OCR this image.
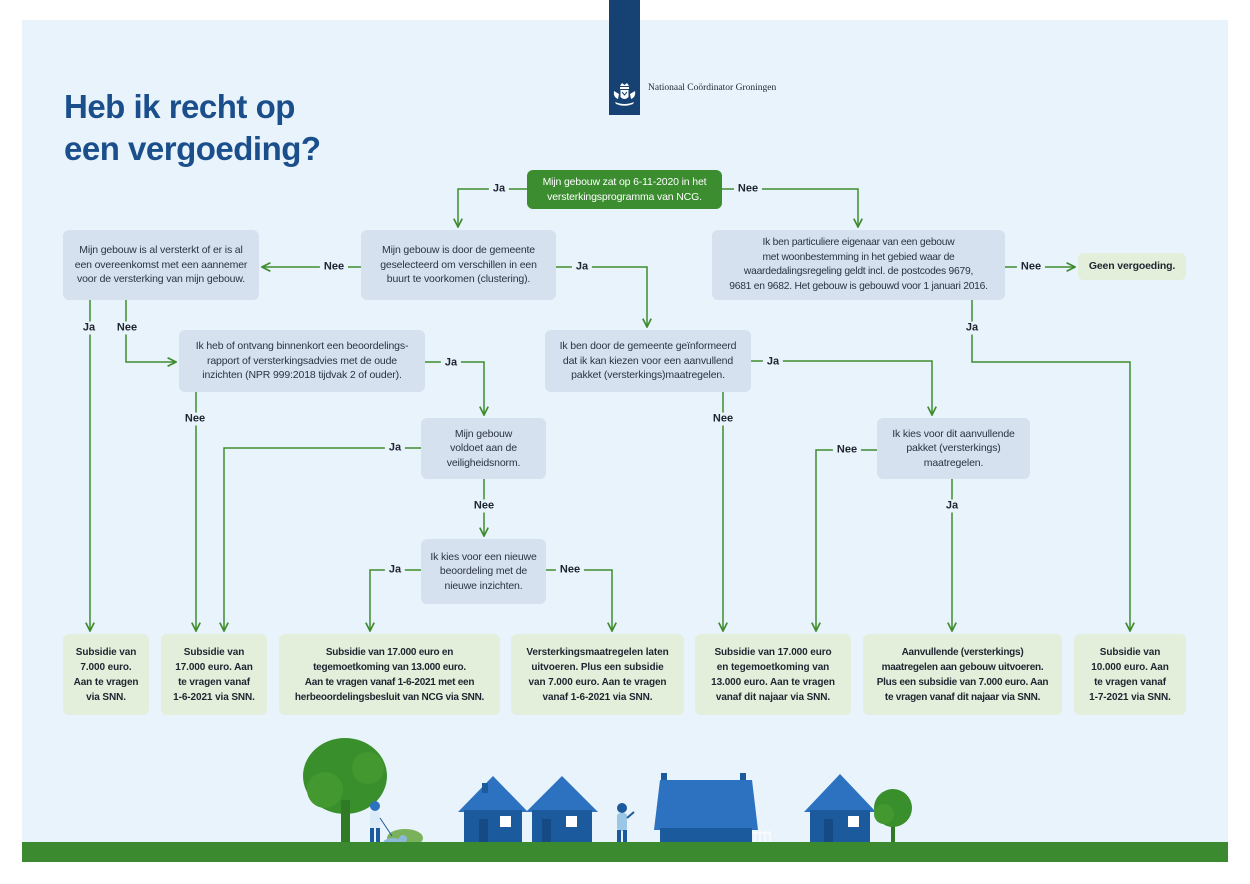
Nationaal Coördinator Groningen
Heb ik recht op
een vergoeding?
Mijn gebouw zat op 6-11-2020 in het
versterkingsprogramma van NCG.
Mijn gebouw is door de gemeente
geselecteerd om verschillen in een
buurt te voorkomen (clustering).
Mijn gebouw is al versterkt of er is al
een overeenkomst met een aannemer
voor de versterking van mijn gebouw.
Ik ben particuliere eigenaar van een gebouw
met woonbestemming in het gebied waar de
waardedalingsregeling geldt incl. de postcodes 9679,
9681 en 9682. Het gebouw is gebouwd voor 1 januari 2016.
Geen vergoeding.
Ik heb of ontvang binnenkort een beoordelings-
rapport of versterkingsadvies met de oude
inzichten (NPR 999:2018 tijdvak 2 of ouder).
Ik ben door de gemeente geïnformeerd
dat ik kan kiezen voor een aanvullend
pakket (versterkings)maatregelen.
Mijn gebouw
voldoet aan de
veiligheidsnorm.
Ik kies voor dit aanvullende
pakket (versterkings)
maatregelen.
Ik kies voor een nieuwe
beoordeling met de
nieuwe inzichten.
Subsidie van
7.000 euro.
Aan te vragen
via SNN.
Subsidie van
17.000 euro. Aan
te vragen vanaf
1-6-2021 via SNN.
Subsidie van 17.000 euro en
tegemoetkoming van 13.000 euro.
Aan te vragen vanaf 1-6-2021 met een
herbeoordelingsbesluit van NCG via SNN.
Versterkingsmaatregelen laten
uitvoeren. Plus een subsidie
van 7.000 euro. Aan te vragen
vanaf 1-6-2021 via SNN.
Subsidie van 17.000 euro
en tegemoetkoming van
13.000 euro. Aan te vragen
vanaf dit najaar via SNN.
Aanvullende (versterkings)
maatregelen aan gebouw uitvoeren.
Plus een subsidie van 7.000 euro. Aan
te vragen vanaf dit najaar via SNN.
Subsidie van
10.000 euro. Aan
te vragen vanaf
1-7-2021 via SNN.
Ja	Nee
Nee	Ja	Nee
Ja
Ja	Nee
Nee
Ja
Ja
Nee
Ja	Nee
Ja
Nee
Nee
Ja
